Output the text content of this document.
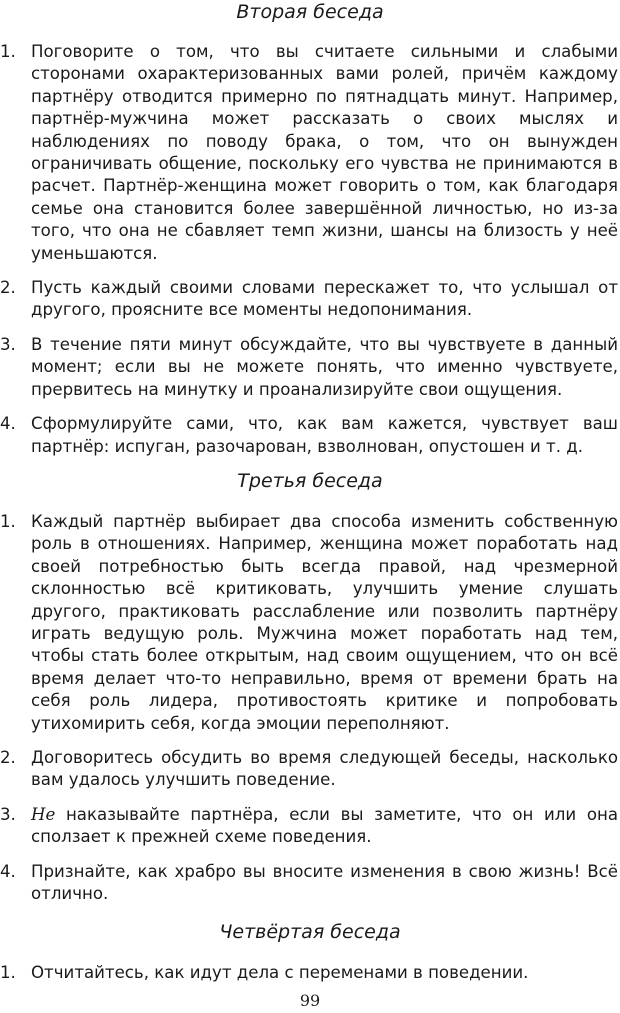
Вторая беседа
1. Поговорите о том, что вы считаете сильными и слабыми сторонами охарактеризованных вами ролей, причём каждому партнёру отводится примерно по пятнадцать минут. Например, партнёр-мужчина может рассказать о своих мыслях и наблюдениях по поводу брака, о том, что он вынужден ограничивать общение, поскольку его чувства не принимаются в расчет. Партнёр-женщина может говорить о том, как благодаря семье она становится более завершённой личностью, но из-за того, что она не сбавляет темп жизни, шансы на близость у неё уменьшаются.
2. Пусть каждый своими словами перескажет то, что услышал от другого, проясните все моменты недопонимания.
3. В течение пяти минут обсуждайте, что вы чувствуете в данный момент; если вы не можете понять, что именно чувствуете, прервитесь на минутку и проанализируйте свои ощущения.
4. Сформулируйте сами, что, как вам кажется, чувствует ваш партнёр: испуган, разочарован, взволнован, опустошен и т. д.
Третья беседа
1. Каждый партнёр выбирает два способа изменить собственную роль в отношениях. Например, женщина может поработать над своей потребностью быть всегда правой, над чрезмерной склонностью всё критиковать, улучшить умение слушать другого, практиковать расслабление или позволить партнёру играть ведущую роль. Мужчина может поработать над тем, чтобы стать более открытым, над своим ощущением, что он всё время делает что-то неправильно, время от времени брать на себя роль лидера, противостоять критике и попробовать утихомирить себя, когда эмоции переполняют.
2. Договоритесь обсудить во время следующей беседы, насколько вам удалось улучшить поведение.
3. Не наказывайте партнёра, если вы заметите, что он или она сползает к прежней схеме поведения.
4. Признайте, как храбро вы вносите изменения в свою жизнь! Всё отлично.
Четвёртая беседа
1. Отчитайтесь, как идут дела с переменами в поведении.
99
